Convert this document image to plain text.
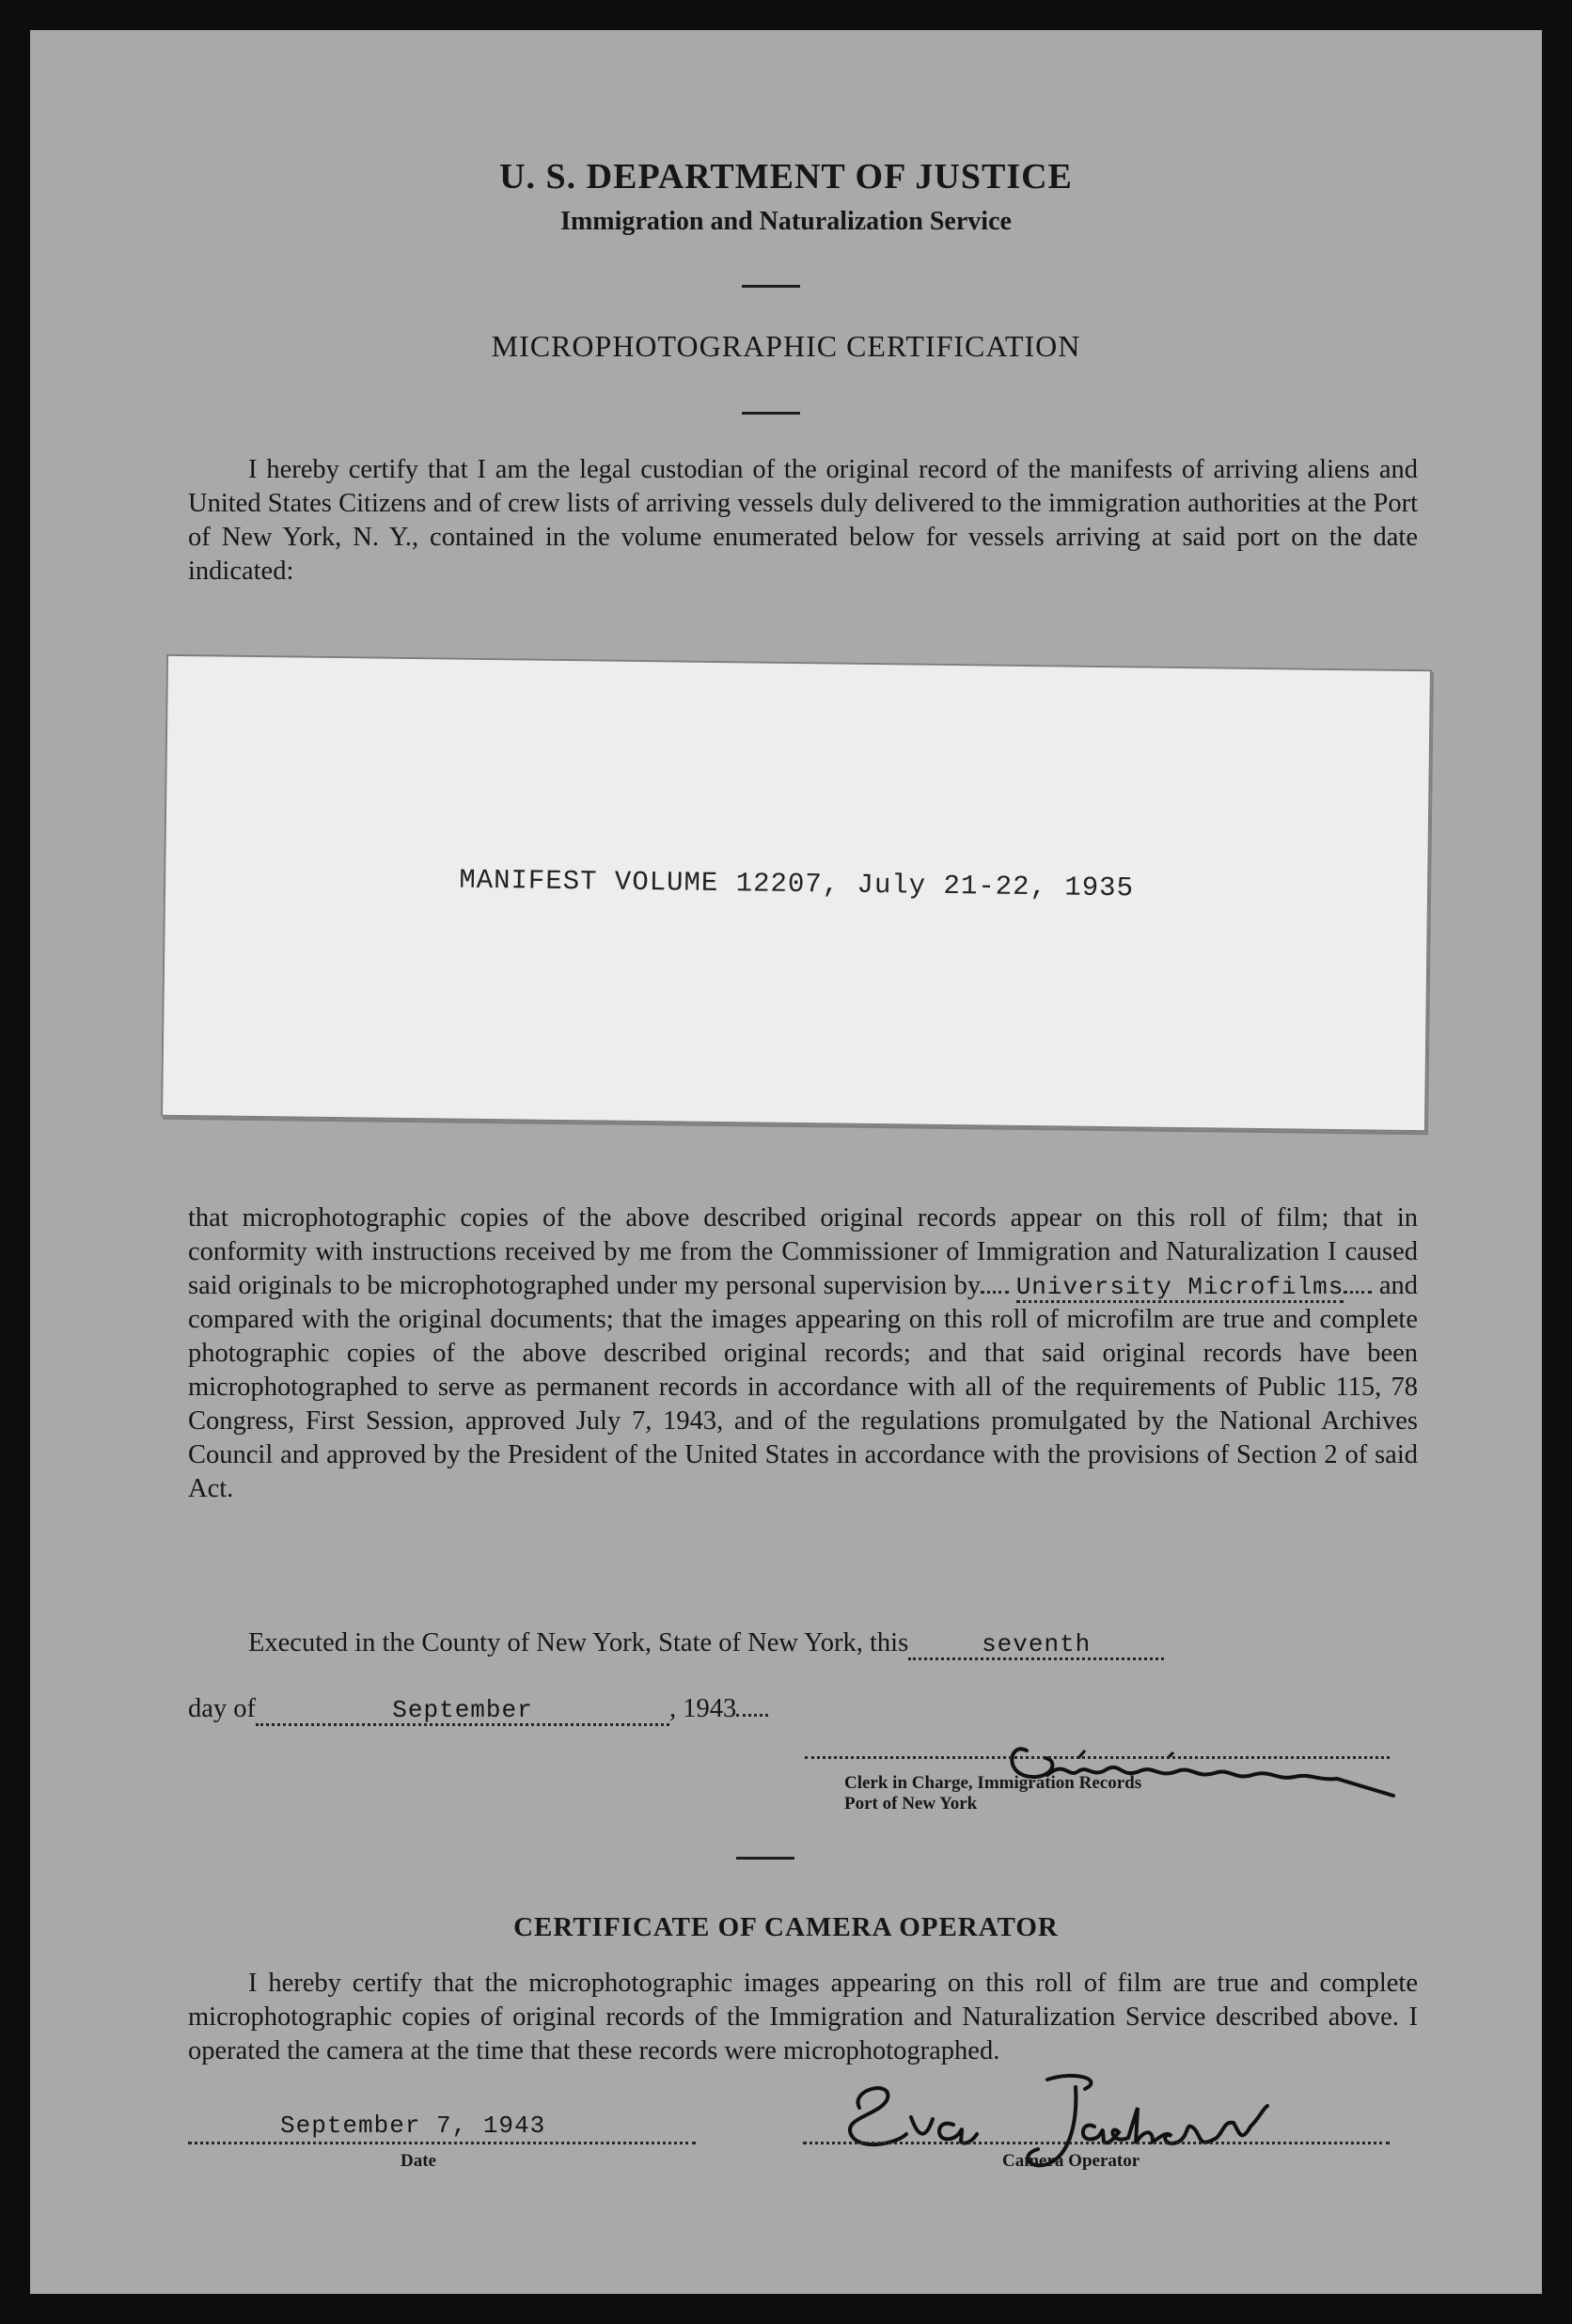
U. S. DEPARTMENT OF JUSTICE
Immigration and Naturalization Service
MICROPHOTOGRAPHIC CERTIFICATION
I hereby certify that I am the legal custodian of the original record of the manifests of arriving aliens and United States Citizens and of crew lists of arriving vessels duly delivered to the immigration authorities at the Port of New York, N. Y., contained in the volume enumerated below for vessels arriving at said port on the date indicated:
MANIFEST VOLUME 12207, July 21-22, 1935
that microphotographic copies of the above described original records appear on this roll of film; that in conformity with instructions received by me from the Commissioner of Immigration and Naturalization I caused said originals to be microphotographed under my personal supervision by University Microfilms and compared with the original documents; that the images appearing on this roll of microfilm are true and complete photographic copies of the above described original records; and that said original records have been microphotographed to serve as permanent records in accordance with all of the requirements of Public 115, 78 Congress, First Session, approved July 7, 1943, and of the regulations promulgated by the National Archives Council and approved by the President of the United States in accordance with the provisions of Section 2 of said Act.
Executed in the County of New York, State of New York, this	seventh
day of	September	, 1943
Clerk in Charge, Immigration Records
Port of New York
CERTIFICATE OF CAMERA OPERATOR
I hereby certify that the microphotographic images appearing on this roll of film are true and complete microphotographic copies of original records of the Immigration and Naturalization Service described above. I operated the camera at the time that these records were microphotographed.
September 7, 1943
Date	Camera Operator
